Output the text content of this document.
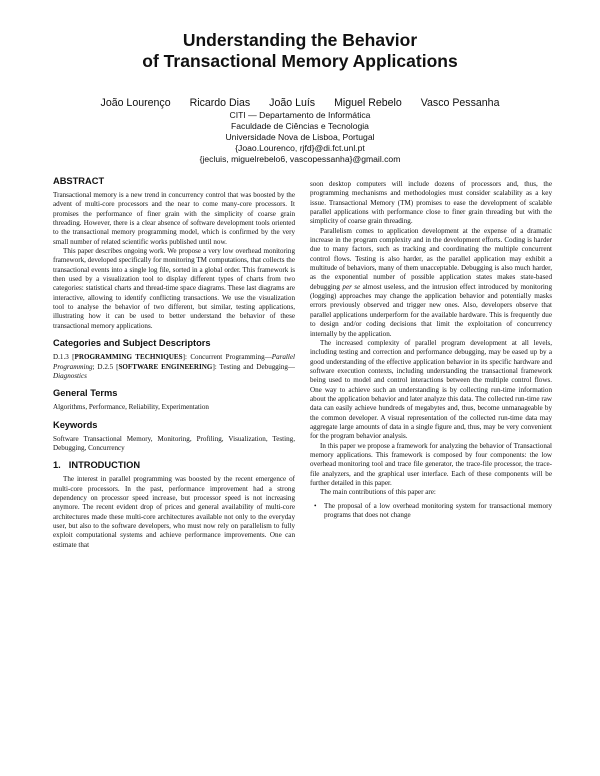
Understanding the Behavior
of Transactional Memory Applications
João Lourenço Ricardo Dias João Luís Miguel Rebelo Vasco Pessanha
CITI — Departamento de Informática
Faculdade de Ciências e Tecnologia
Universidade Nova de Lisboa, Portugal
{Joao.Lourenco, rjfd}@di.fct.unl.pt
{jecluis, miguelrebelo6, vascopessanha}@gmail.com
ABSTRACT

Transactional memory is a new trend in concurrency control that was boosted by the advent of multi-core processors and the near to come many-core processors. It promises the performance of finer grain with the simplicity of coarse grain threading. However, there is a clear absence of software development tools oriented to the transactional memory programming model, which is confirmed by the very small number of related scientific works published until now.

This paper describes ongoing work. We propose a very low overhead monitoring framework, developed specifically for monitoring TM computations, that collects the transactional events into a single log file, sorted in a global order. This framework is then used by a visualization tool to display different types of charts from two categories: statistical charts and thread-time space diagrams. These last diagrams are interactive, allowing to identify conflicting transactions. We use the visualization tool to analyse the behavior of two different, but similar, testing applications, illustrating how it can be used to better understand the behavior of these transactional memory applications.

Categories and Subject Descriptors

D.1.3 [PROGRAMMING TECHNIQUES]: Concurrent Programming—Parallel Programming; D.2.5 [SOFTWARE ENGINEERING]: Testing and Debugging—Diagnostics

General Terms

Algorithms, Performance, Reliability, Experimentation

Keywords

Software Transactional Memory, Monitoring, Profiling, Visualization, Testing, Debugging, Concurrency

1. INTRODUCTION

The interest in parallel programming was boosted by the recent emergence of multi-core processors. In the past, performance improvement had a strong dependency on processor speed increase, but processor speed is not increasing anymore. The recent evident drop of prices and general availability of multi-core architectures made these multi-core architectures available not only to the everyday user, but also to the software developers, who must now rely on parallelism to fully exploit computational systems and achieve performance improvements. One can estimate that

soon desktop computers will include dozens of processors and, thus, the programming mechanisms and methodologies must consider scalability as a key issue. Transactional Memory (TM) promises to ease the development of scalable parallel applications with performance close to finer grain threading but with the simplicity of coarse grain threading.

Parallelism comes to application development at the expense of a dramatic increase in the program complexity and in the development efforts. Coding is harder due to many factors, such as tracking and coordinating the multiple concurrent control flows. Testing is also harder, as the parallel application may exhibit a multitude of behaviors, many of them unacceptable. Debugging is also much harder, as the exponential number of possible application states makes state-based debugging per se almost useless, and the intrusion effect introduced by monitoring (logging) approaches may change the application behavior and potentially masks errors previously observed and trigger new ones. Also, developers observe that parallel applications underperform for the available hardware. This is frequently due to design and/or coding decisions that limit the exploitation of concurrency internally by the application.

The increased complexity of parallel program development at all levels, including testing and correction and performance debugging, may be eased up by a good understanding of the effective application behavior in its specific hardware and software execution contexts, including understanding the transactional framework being used to model and control interactions between the multiple control flows. One way to achieve such an understanding is by collecting run-time information about the application behavior and later analyze this data. The collected run-time raw data can easily achieve hundreds of megabytes and, thus, become unmanageable by the common developer. A visual representation of the collected run-time data may aggregate large amounts of data in a single figure and, thus, may be very convenient for the program behavior analysis.

In this paper we propose a framework for analyzing the behavior of Transactional memory applications. This framework is composed by four components: the low overhead monitoring tool and trace file generator, the trace-file processor, the trace-file analyzers, and the graphical user interface. Each of these components will be further detailed in this paper.

The main contributions of this paper are:

• The proposal of a low overhead monitoring system for transactional memory programs that does not change
